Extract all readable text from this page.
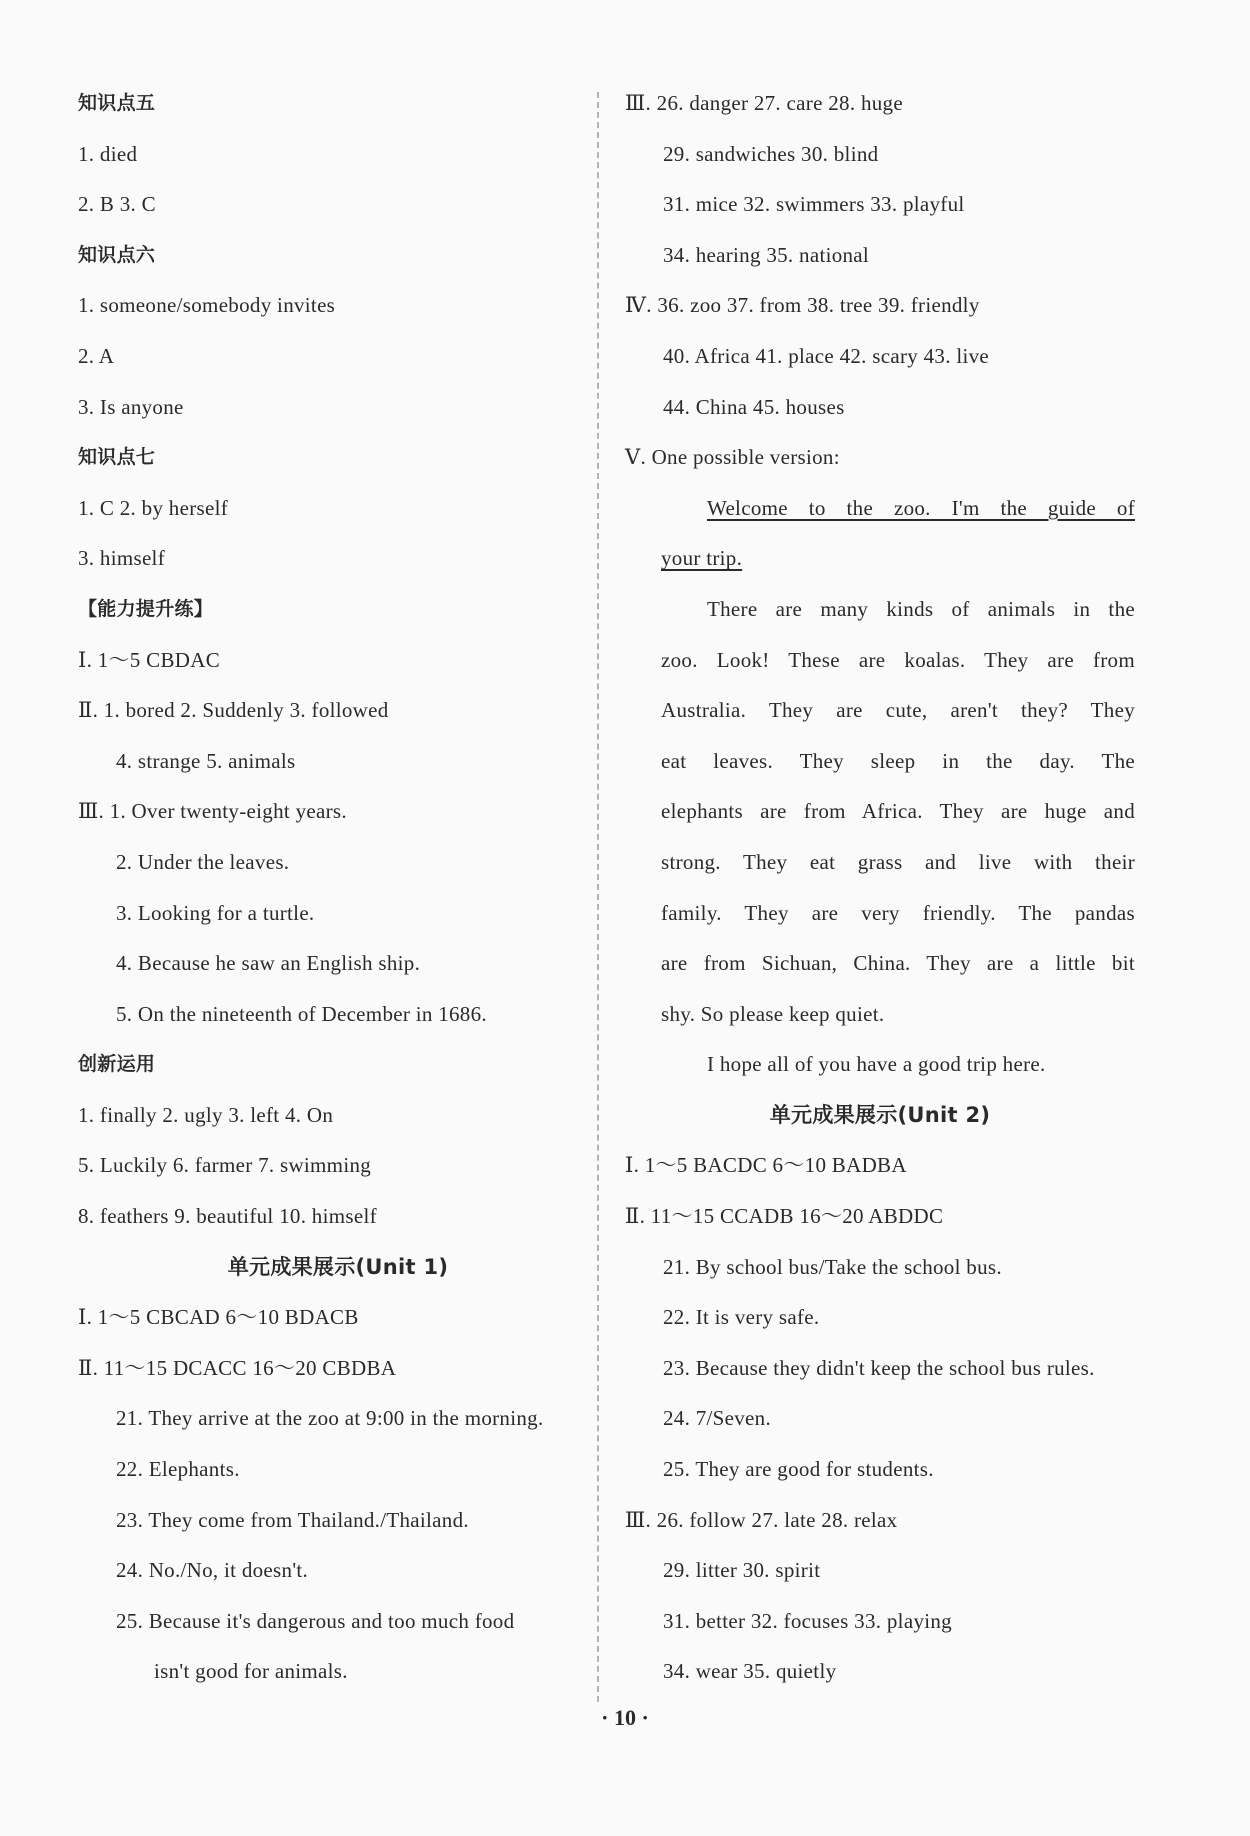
知识点五
1. died
2. B 3. C
知识点六
1. someone/somebody invites
2. A
3. Is anyone
知识点七
1. C 2. by herself
3. himself
【能力提升练】
Ⅰ. 1～5 CBDAC
Ⅱ. 1. bored 2. Suddenly 3. followed
4. strange 5. animals
Ⅲ. 1. Over twenty-eight years.
2. Under the leaves.
3. Looking for a turtle.
4. Because he saw an English ship.
5. On the nineteenth of December in 1686.
创新运用
1. finally 2. ugly 3. left 4. On
5. Luckily 6. farmer 7. swimming
8. feathers 9. beautiful 10. himself
单元成果展示(Unit 1)
Ⅰ. 1～5 CBCAD 6～10 BDACB
Ⅱ. 11～15 DCACC 16～20 CBDBA
21. They arrive at the zoo at 9:00 in the morning.
22. Elephants.
23. They come from Thailand./Thailand.
24. No./No, it doesn't.
25. Because it's dangerous and too much food
isn't good for animals.
Ⅲ. 26. danger 27. care 28. huge
29. sandwiches 30. blind
31. mice 32. swimmers 33. playful
34. hearing 35. national
Ⅳ. 36. zoo 37. from 38. tree 39. friendly
40. Africa 41. place 42. scary 43. live
44. China 45. houses
Ⅴ. One possible version:
Welcome to the zoo. I'm the guide of
your trip.
There are many kinds of animals in the
zoo. Look! These are koalas. They are from
Australia. They are cute, aren't they? They
eat leaves. They sleep in the day. The
elephants are from Africa. They are huge and
strong. They eat grass and live with their
family. They are very friendly. The pandas
are from Sichuan, China. They are a little bit
shy. So please keep quiet.
I hope all of you have a good trip here.
单元成果展示(Unit 2)
Ⅰ. 1～5 BACDC 6～10 BADBA
Ⅱ. 11～15 CCADB 16～20 ABDDC
21. By school bus/Take the school bus.
22. It is very safe.
23. Because they didn't keep the school bus rules.
24. 7/Seven.
25. They are good for students.
Ⅲ. 26. follow 27. late 28. relax
29. litter 30. spirit
31. better 32. focuses 33. playing
34. wear 35. quietly
· 10 ·
